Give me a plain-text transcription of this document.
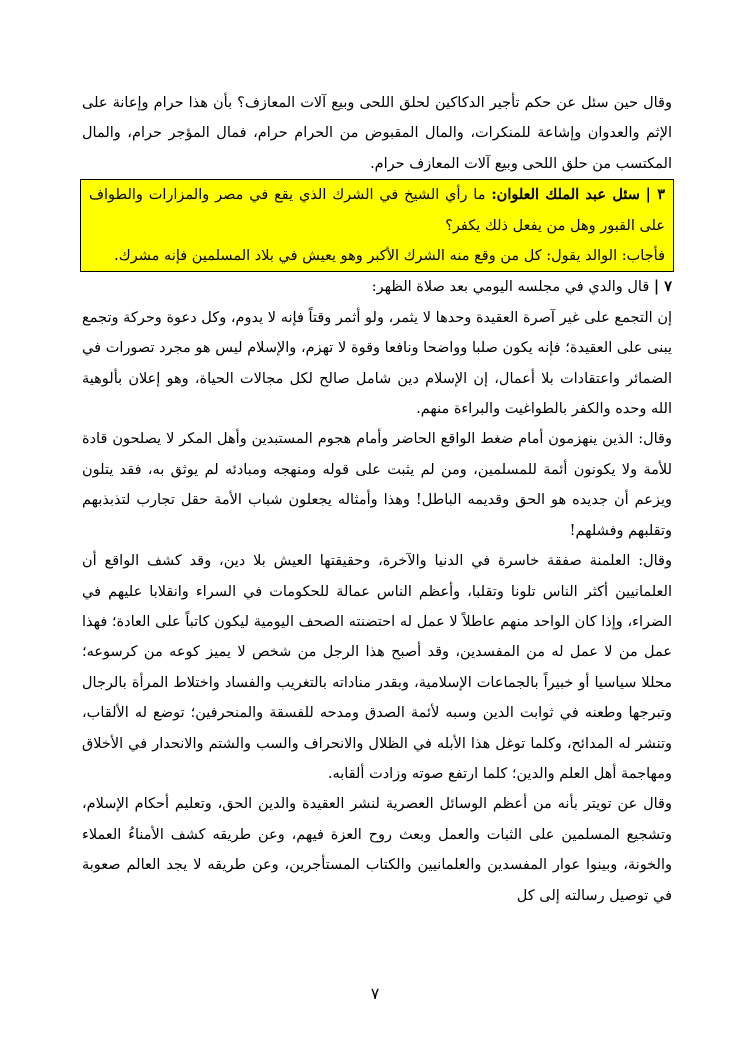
وقال حين سئل عن حكم تأجير الدكاكين لحلق اللحى وبيع آلات المعازف؟ بأن هذا حرام وإعانة على الإثم والعدوان وإشاعة للمنكرات، والمال المقبوض من الحرام حرام، فمال المؤجر حرام، والمال المكتسب من حلق اللحى وبيع آلات المعازف حرام.

٣ | سئل عبد الملك العلوان: ما رأي الشيخ في الشرك الذي يقع في مصر والمزارات والطواف على القبور وهل من يفعل ذلك يكفر؟

فأجاب: الوالد يقول: كل من وقع منه الشرك الأكبر وهو يعيش في بلاد المسلمين فإنه مشرك.

٧ | قال والدي في مجلسه اليومي بعد صلاة الظهر:

إن التجمع على غير آصرة العقيدة وحدها لا يثمر، ولو أثمر وقتاً فإنه لا يدوم، وكل دعوة وحركة وتجمع يبنى على العقيدة؛ فإنه يكون صلبا وواضحا ونافعا وقوة لا تهزم، والإسلام ليس هو مجرد تصورات في الضمائر واعتقادات بلا أعمال، إن الإسلام دين شامل صالح لكل مجالات الحياة، وهو إعلان بألوهية الله وحده والكفر بالطواغيت والبراءة منهم.

وقال: الذين ينهزمون أمام ضغط الواقع الحاضر وأمام هجوم المستبدين وأهل المكر لا يصلحون قادة للأمة ولا يكونون أئمة للمسلمين، ومن لم يثبت على قوله ومنهجه ومبادئه لم يوثق به، فقد يتلون ويزعم أن جديده هو الحق وقديمه الباطل! وهذا وأمثاله يجعلون شباب الأمة حقل تجارب لتذبذبهم وتقلبهم وفشلهم!

وقال: العلمنة صفقة خاسرة في الدنيا والآخرة، وحقيقتها العيش بلا دين، وقد كشف الواقع أن العلمانيين أكثر الناس تلونا وتقلبا، وأعظم الناس عمالة للحكومات في السراء وانقلابا عليهم في الضراء، وإذا كان الواحد منهم عاطلاً لا عمل له احتضنته الصحف اليومية ليكون كاتباً على العادة؛ فهذا عمل من لا عمل له من المفسدين، وقد أصبح هذا الرجل من شخص لا يميز كوعه من كرسوعه؛ محللا سياسيا أو خبيراً بالجماعات الإسلامية، وبقدر مناداته بالتغريب والفساد واختلاط المرأة بالرجال وتبرجها وطعنه في ثوابت الدين وسبه لأئمة الصدق ومدحه للفسقة والمنحرفين؛ توضع له الألقاب، وتنشر له المدائح، وكلما توغل هذا الأبله في الظلال والانحراف والسب والشتم والانحدار في الأخلاق ومهاجمة أهل العلم والدين؛ كلما ارتفع صوته وزادت ألقابه.

وقال عن تويتر بأنه من أعظم الوسائل العصرية لنشر العقيدة والدين الحق، وتعليم أحكام الإسلام، وتشجيع المسلمين على الثبات والعمل وبعث روح العزة فيهم، وعن طريقه كشف الأمناءُ العملاء والخونة، وبينوا عوار المفسدين والعلمانيين والكتاب المستأجرين، وعن طريقه لا يجد العالم صعوبة في توصيل رسالته إلى كل

٧
